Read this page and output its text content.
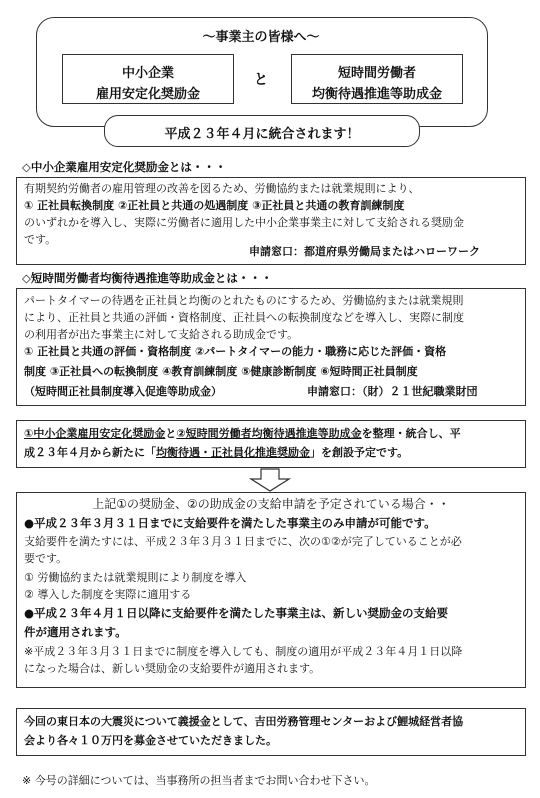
〜事業主の皆様へ〜
中小企業
雇用安定化奨励金
と	短時間労働者
均衡待遇推進等助成金
平成２３年４月に統合されます！
◇中小企業雇用安定化奨励金とは・・・
有期契約労働者の雇用管理の改善を図るため、労働協約または就業規則により、
① 正社員転換制度 ②正社員と共通の処遇制度 ③正社員と共通の教育訓練制度
のいずれかを導入し、実際に労働者に適用した中小企業事業主に対して支給される奨励金
です。
申請窓口：都道府県労働局またはハローワーク
◇短時間労働者均衡待遇推進等助成金とは・・・
パートタイマーの待遇を正社員と均衡のとれたものにするため、労働協約または就業規則
により、正社員と共通の評価・資格制度、正社員への転換制度などを導入し、実際に制度
の利用者が出た事業主に対して支給される助成金です。
① 正社員と共通の評価・資格制度 ②パートタイマーの能力・職務に応じた評価・資格
制度 ③正社員への転換制度 ④教育訓練制度 ⑤健康診断制度 ⑥短時間正社員制度
（短時間正社員制度導入促進等助成金）	申請窓口：（財）２１世紀職業財団
①中小企業雇用安定化奨励金と②短時間労働者均衡待遇推進等助成金を整理・統合し、平
成２３年４月から新たに「均衡待遇・正社員化推進奨励金」を創設予定です。
上記①の奨励金、②の助成金の支給申請を予定されている場合・・
●平成２３年３月３１日までに支給要件を満たした事業主のみ申請が可能です。
支給要件を満たすには、平成２３年３月３１日までに、次の①②が完了していることが必
要です。
① 労働協約または就業規則により制度を導入
② 導入した制度を実際に適用する
●平成２３年４月１日以降に支給要件を満たした事業主は、新しい奨励金の支給要
件が適用されます。
※平成２３年３月３１日までに制度を導入しても、制度の適用が平成２３年４月１日以降
になった場合は、新しい奨励金の支給要件が適用されます。
今回の東日本の大震災について義援金として、吉田労務管理センターおよび鯉城経営者協
会より各々１０万円を募金させていただきました。
※ 今号の詳細については、当事務所の担当者までお問い合わせ下さい。
